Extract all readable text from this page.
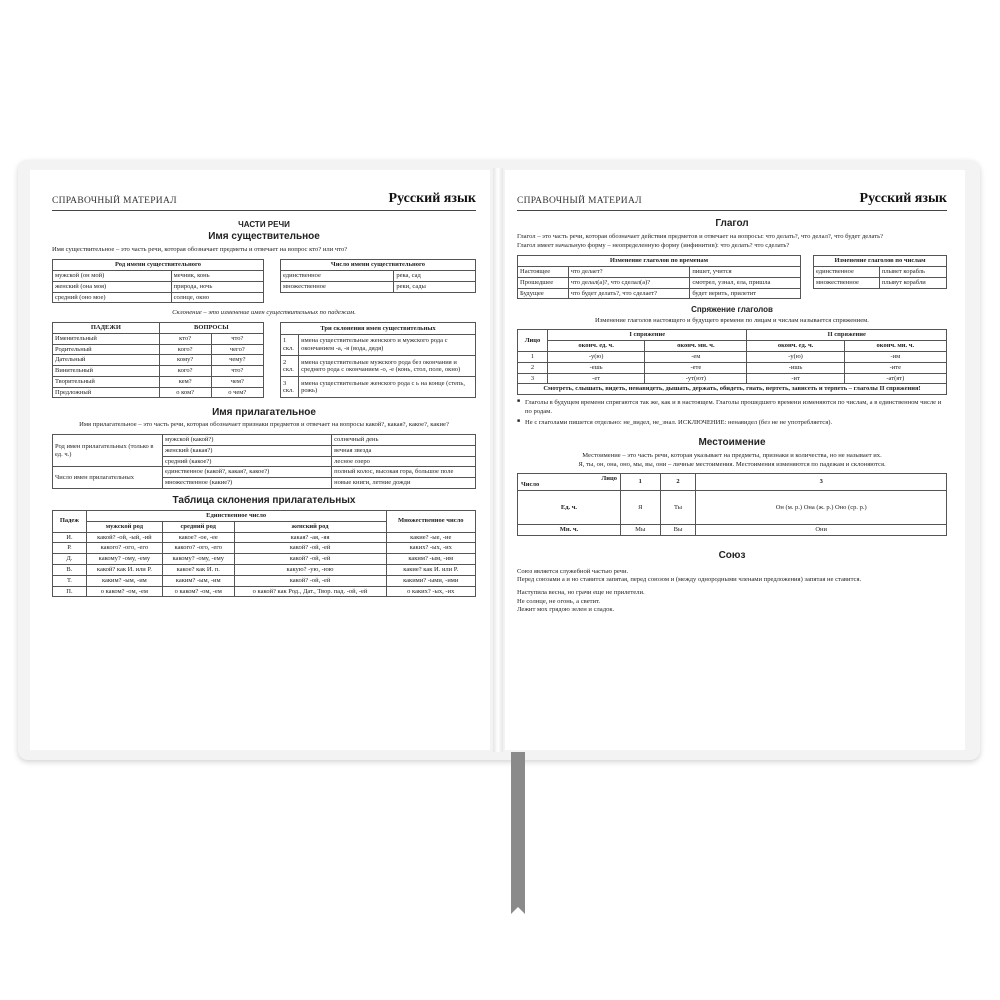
СПРАВОЧНЫЙ МАТЕРИАЛ	Русский язык
ЧАСТИ РЕЧИ
Имя существительное
Имя существительное – это часть речи, которая обозначает предметы и отвечает на вопрос кто? или что?
Род имени существительного	
мужской (он мой)	мечник, конь
женский (она моя)	природа, ночь
средний (оно мое)	солнце, окно
Число имени существительного	
единственное	река, сад
множественное	реки, сады
Склонение – это изменение имен существительных по падежам.
ПАДЕЖИ	ВОПРОСЫ	
Именительный	кто?	что?
Родительный	кого?	чего?
Дательный	кому?	чему?
Винительный	кого?	что?
Творительный	кем?	чем?
Предложный	о ком?	о чем?
Три склонения имен существительных	
1 скл.	имена существительные женского и мужского рода с окончанием -а, -я (вода, дядя)
2 скл.	имена существительные мужского рода без окончания и среднего рода с окончанием -о, -е (конь, стол, поле, окно)
3 скл.	имена существительные женского рода с ь на конце (степь, рожь)
Имя прилагательное
Имя прилагательное – это часть речи, которая обозначает признаки предметов и отвечает на вопросы какой?, какая?, какое?, какие?
Род имен прилагательных (только в ед. ч.)	мужской (какой?)	солнечный день
	женский (какая?)	вечная звезда
	средний (какое?)	лесное озеро
Число имен прилагательных	единственное (какой?, какая?, какое?)	полный колос, высокая гора, большое поле
	множественное (какие?)	новые книги, летние дожди
Таблица склонения прилагательных
Падеж	Единственное число			Множественное число
	мужской род	средний род	женский род	
И.	какой? -ой, -ый, -ий	какое? -ое, -ее	какая? -ая, -яя	какие? -ые, -ие
Р.	какого? -ого, -его	какого? -ого, -его	какой? -ой, -ей	каких? -ых, -их
Д.	какому? -ому, -ему	какому? -ому, -ему	какой? -ой, -ей	каким? -ым, -им
В.	какой? как И. или Р.	какое? как И. п.	какую? -ую, -юю	какие? как И. или Р.
Т.	каким? -ым, -им	каким? -ым, -им	какой? -ой, -ей	какими? -ыми, -ими
П.	о каком? -ом, -ем	о каком? -ом, -ем	о какой? как Род., Дат., Твор. пад. -ой, -ей	о каких? -ых, -их
СПРАВОЧНЫЙ МАТЕРИАЛ	Русский язык
Глагол
Глагол – это часть речи, которая обозначает действия предметов и отвечает на вопросы: что делать?, что делал?, что будет делать?
Глагол имеет начальную форму – неопределенную форму (инфинитив): что делать? что сделать?
Изменение глаголов по временам		
Настоящее	что делает?	пишет, учится
Прошедшее	что делал(а)?, что сделал(а)?	смотрел, узнал, ела, пришла
Будущее	что будет делать?, что сделает?	будет верить, прилетит
Изменение глаголов по числам	
единственное	плывет корабль
множественное	плывут корабли
Спряжение глаголов
Изменение глаголов настоящего и будущего времени по лицам и числам называется спряжением.
Лицо	I спряжение		II спряжение	
	оконч. ед. ч.	оконч. мн. ч.	оконч. ед. ч.	оконч. мн. ч.
1	-у(ю)	-ем	-у(ю)	-им
2	-ешь	-ете	-ишь	-ите
3	-ет	-ут(ют)	-ит	-ат(ят)
Смотреть, слышать, видеть, ненавидеть, дышать, держать, обидеть, гнать, вертеть, зависеть и терпеть – глаголы II спряжения!				
■ Глаголы в будущем времени спрягаются так же, как и в настоящем. Глаголы прошедшего времени изменяются по числам, а в единственном числе и по родам.
■ Не с глаголами пишется отдельно: не_видел, не_знал. ИСКЛЮЧЕНИЕ: ненавидел (без не не употребляется).
Местоимение
Местоимение – это часть речи, которая указывает на предметы, признаки и количества, но не называет их.
Я, ты, он, она, оно, мы, вы, они – личные местоимения. Местоимения изменяются по падежам и склоняются.
Число
Лицо	1	2	3
Ед. ч.	Я	Ты	Он (м. р.) Она (ж. р.) Оно (ср. р.)
Мн. ч.	Мы	Вы	Они
Союз
Союз является служебной частью речи.
Перед союзами а и но ставится запятая, перед союзом и (между однородными членами предложения) запятая не ставится.
Наступила весна, но грачи еще не прилетели.
Не солнце, не огонь, а светит.
Лежит мох грядою зелен и сладок.
